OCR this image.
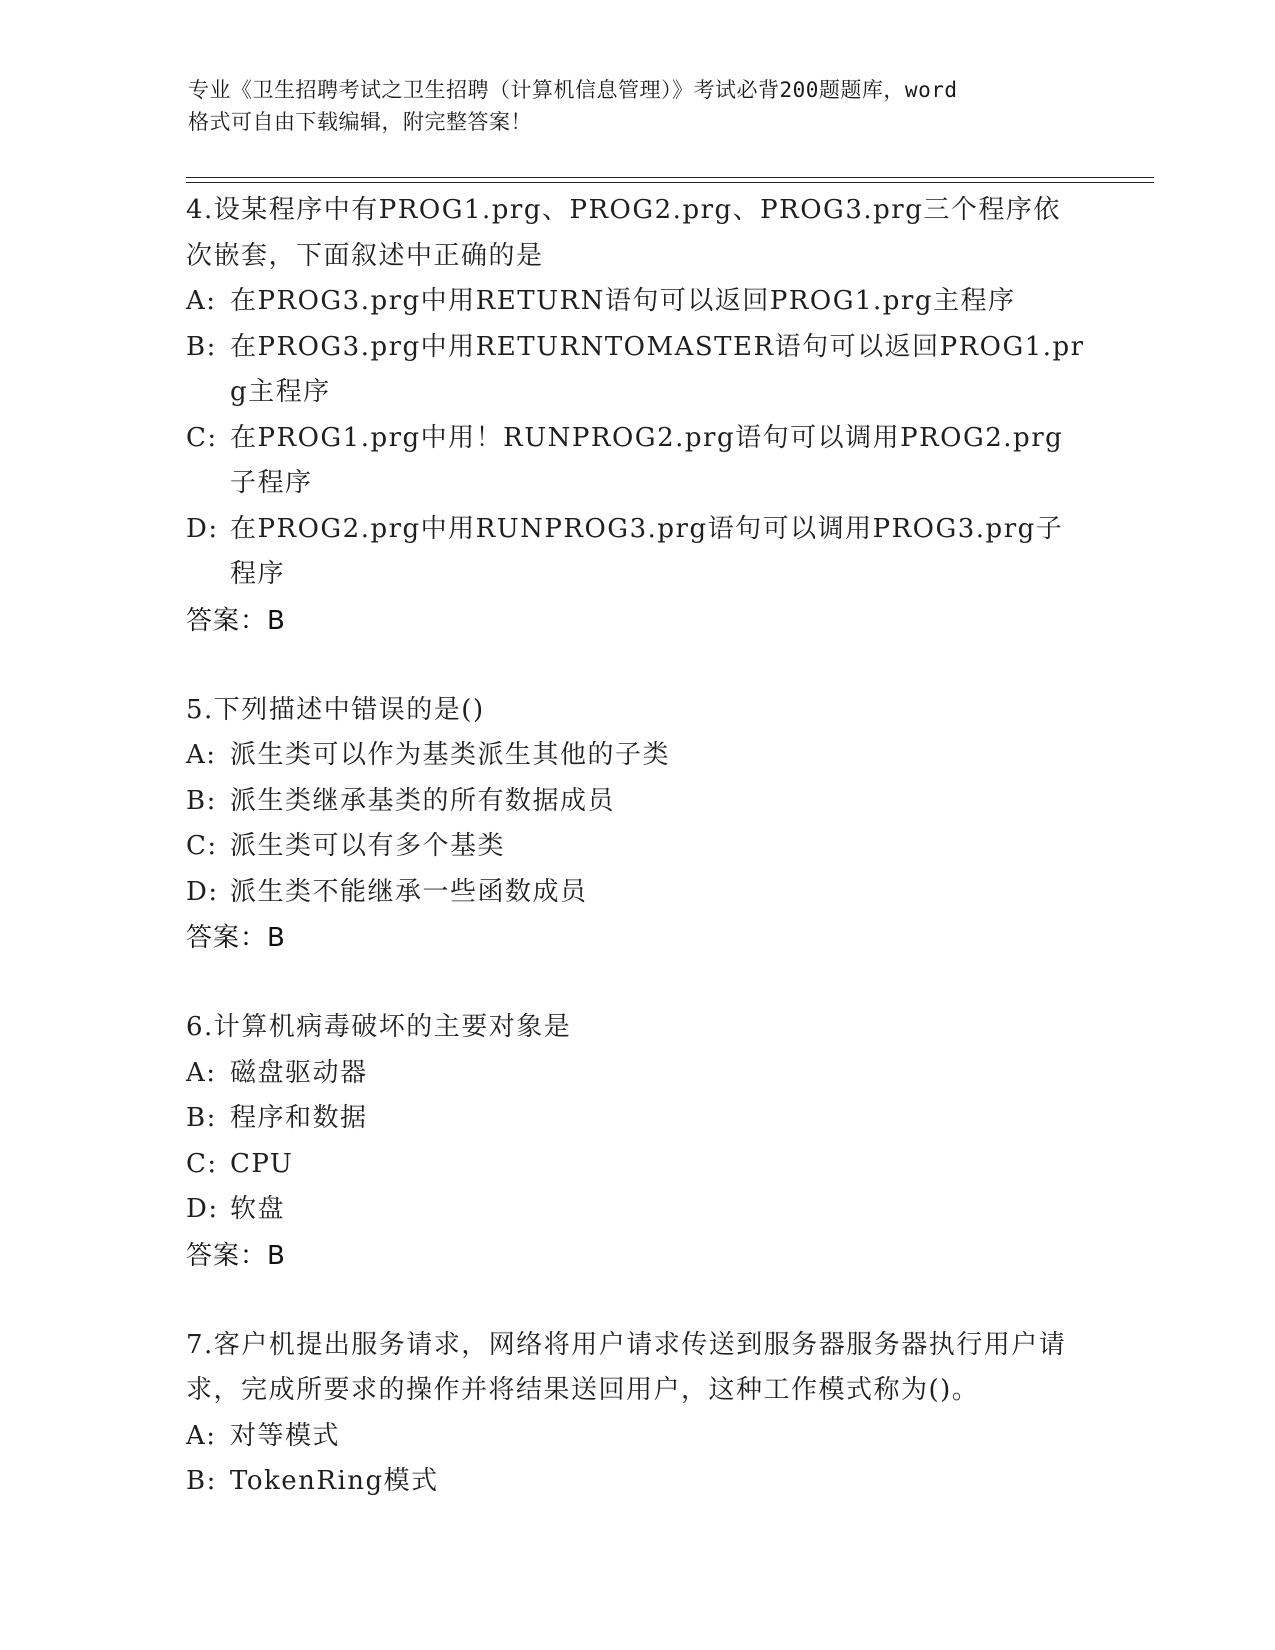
专业《卫生招聘考试之卫生招聘（计算机信息管理）》考试必背200题题库，word
格式可自由下载编辑，附完整答案！
4.设某程序中有PROG1.prg、PROG2.prg、PROG3.prg三个程序依次嵌套，下面叙述中正确的是
A: 在PROG3.prg中用RETURN语句可以返回PROG1.prg主程序
B: 在PROG3.prg中用RETURNTOMASTER语句可以返回PROG1.prg主程序
C: 在PROG1.prg中用！RUNPROG2.prg语句可以调用PROG2.prg子程序
D: 在PROG2.prg中用RUNPROG3.prg语句可以调用PROG3.prg子程序
答案：B
5.下列描述中错误的是()
A: 派生类可以作为基类派生其他的子类
B: 派生类继承基类的所有数据成员
C: 派生类可以有多个基类
D: 派生类不能继承一些函数成员
答案：B
6.计算机病毒破坏的主要对象是
A: 磁盘驱动器
B: 程序和数据
C: CPU
D: 软盘
答案：B
7.客户机提出服务请求，网络将用户请求传送到服务器服务器执行用户请求，完成所要求的操作并将结果送回用户，这种工作模式称为()。
A: 对等模式
B: TokenRing模式
